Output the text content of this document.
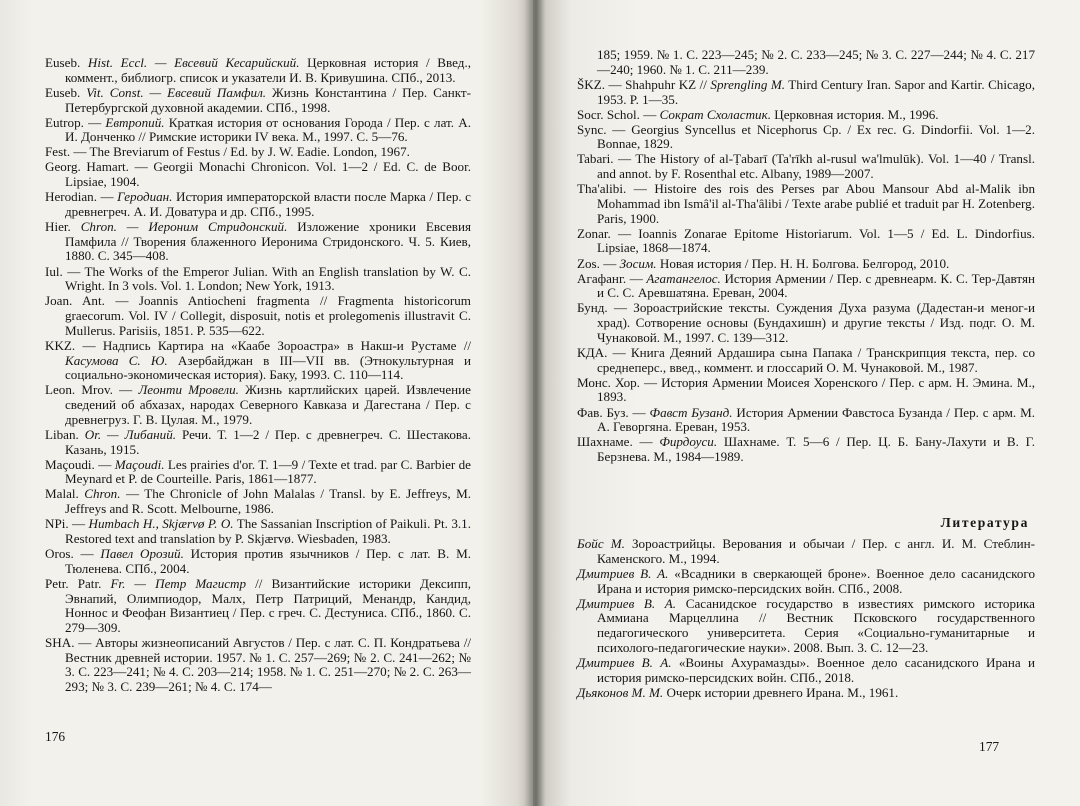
Euseb. Hist. Eccl. — Евсевий Кесарийский. Церковная история / Введ., коммент., библиогр. список и указатели И. В. Кривушина. СПб., 2013.
Euseb. Vit. Const. — Евсевий Памфил. Жизнь Константина / Пер. Санкт-Петербургской духовной академии. СПб., 1998.
Eutrop. — Евтропий. Краткая история от основания Города / Пер. с лат. А. И. Донченко // Римские историки IV века. М., 1997. С. 5—76.
Fest. — The Breviarum of Festus / Ed. by J. W. Eadie. London, 1967.
Georg. Hamart. — Georgii Monachi Chronicon. Vol. 1—2 / Ed. C. de Boor. Lipsiae, 1904.
Herodian. — Геродиан. История императорской власти после Марка / Пер. с древнегреч. А. И. Доватура и др. СПб., 1995.
Hier. Chron. — Иероним Стридонский. Изложение хроники Евсевия Памфила // Творения блаженного Иеронима Стридонского. Ч. 5. Киев, 1880. С. 345—408.
Iul. — The Works of the Emperor Julian. With an English translation by W. C. Wright. In 3 vols. Vol. 1. London; New York, 1913.
Joan. Ant. — Joannis Antiocheni fragmenta // Fragmenta historicorum graecorum. Vol. IV / Collegit, disposuit, notis et prolegomenis illustravit C. Mullerus. Parisiis, 1851. P. 535—622.
KKZ. — Надпись Картира на «Каабе Зороастра» в Накш-и Рустаме // Касумова С. Ю. Азербайджан в III—VII вв. (Этнокультурная и социально-экономическая история). Баку, 1993. С. 110—114.
Leon. Mrov. — Леонти Мровели. Жизнь картлийских царей. Извлечение сведений об абхазах, народах Северного Кавказа и Дагестана / Пер. с древнегруз. Г. В. Цулая. М., 1979.
Liban. Or. — Либаний. Речи. Т. 1—2 / Пер. с древнегреч. С. Шестакова. Казань, 1915.
Maçoudi. — Maçoudi. Les prairies d'or. T. 1—9 / Texte et trad. par C. Barbier de Meynard et P. de Courteille. Paris, 1861—1877.
Malal. Chron. — The Chronicle of John Malalas / Transl. by E. Jeffreys, M. Jeffreys and R. Scott. Melbourne, 1986.
NPi. — Humbach H., Skjærvø P. O. The Sassanian Inscription of Paikuli. Pt. 3.1. Restored text and translation by P. Skjærvø. Wiesbaden, 1983.
Oros. — Павел Орозий. История против язычников / Пер. с лат. В. М. Тюленева. СПб., 2004.
Petr. Patr. Fr. — Петр Магистр // Византийские историки Дексипп, Эвнапий, Олимпиодор, Малх, Петр Патриций, Менандр, Кандид, Ноннос и Феофан Византиец / Пер. с греч. С. Дестуниса. СПб., 1860. С. 279—309.
SHA. — Авторы жизнеописаний Августов / Пер. с лат. С. П. Кондратьева // Вестник древней истории. 1957. № 1. С. 257—269; № 2. С. 241—262; № 3. С. 223—241; № 4. С. 203—214; 1958. № 1. С. 251—270; № 2. С. 263—293; № 3. С. 239—261; № 4. С. 174—
176
185; 1959. № 1. С. 223—245; № 2. С. 233—245; № 3. С. 227—244; № 4. С. 217—240; 1960. № 1. С. 211—239.
ŠKZ. — Shahpuhr KZ // Sprengling M. Third Century Iran. Sapor and Kartir. Chicago, 1953. P. 1—35.
Socr. Schol. — Сократ Схоластик. Церковная история. М., 1996.
Sync. — Georgius Syncellus et Nicephorus Cp. / Ex rec. G. Dindorfii. Vol. 1—2. Bonnae, 1829.
Tabari. — The History of al-Ṭabarī (Ta'rīkh al-rusul wa'lmulūk). Vol. 1—40 / Transl. and annot. by F. Rosenthal etc. Albany, 1989—2007.
Tha'alibi. — Histoire des rois des Perses par Abou Mansour Abd al-Malik ibn Mohammad ibn Ismâ'il al-Tha'âlibi / Texte arabe publié et traduit par H. Zotenberg. Paris, 1900.
Zonar. — Ioannis Zonarae Epitome Historiarum. Vol. 1—5 / Ed. L. Dindorfius. Lipsiae, 1868—1874.
Zos. — Зосим. Новая история / Пер. Н. Н. Болгова. Белгород, 2010.
Агафанг. — Агатангелос. История Армении / Пер. с древнеарм. К. С. Тер-Давтян и С. С. Аревшатяна. Ереван, 2004.
Бунд. — Зороастрийские тексты. Суждения Духа разума (Дадестан-и меног-и храд). Сотворение основы (Бундахишн) и другие тексты / Изд. подг. О. М. Чунаковой. М., 1997. С. 139—312.
КДА. — Книга Деяний Ардашира сына Папака / Транскрипция текста, пер. со среднеперс., введ., коммент. и глоссарий О. М. Чунаковой. М., 1987.
Монс. Хор. — История Армении Моисея Хоренского / Пер. с арм. Н. Эмина. М., 1893.
Фав. Буз. — Фавст Бузанд. История Армении Фавстоса Бузанда / Пер. с арм. М. А. Геворгяна. Ереван, 1953.
Шахнаме. — Фирдоуси. Шахнаме. Т. 5—6 / Пер. Ц. Б. Бану-Лахути и В. Г. Берзнева. М., 1984—1989.
Литература
Бойс М. Зороастрийцы. Верования и обычаи / Пер. с англ. И. М. Стеблин-Каменского. М., 1994.
Дмитриев В. А. «Всадники в сверкающей броне». Военное дело сасанидского Ирана и история римско-персидских войн. СПб., 2008.
Дмитриев В. А. Сасанидское государство в известиях римского историка Аммиана Марцеллина // Вестник Псковского государственного педагогического университета. Серия «Социально-гуманитарные и психолого-педагогические науки». 2008. Вып. 3. С. 12—23.
Дмитриев В. А. «Воины Ахурамазды». Военное дело сасанидского Ирана и история римско-персидских войн. СПб., 2018.
Дьяконов М. М. Очерк истории древнего Ирана. М., 1961.
177
